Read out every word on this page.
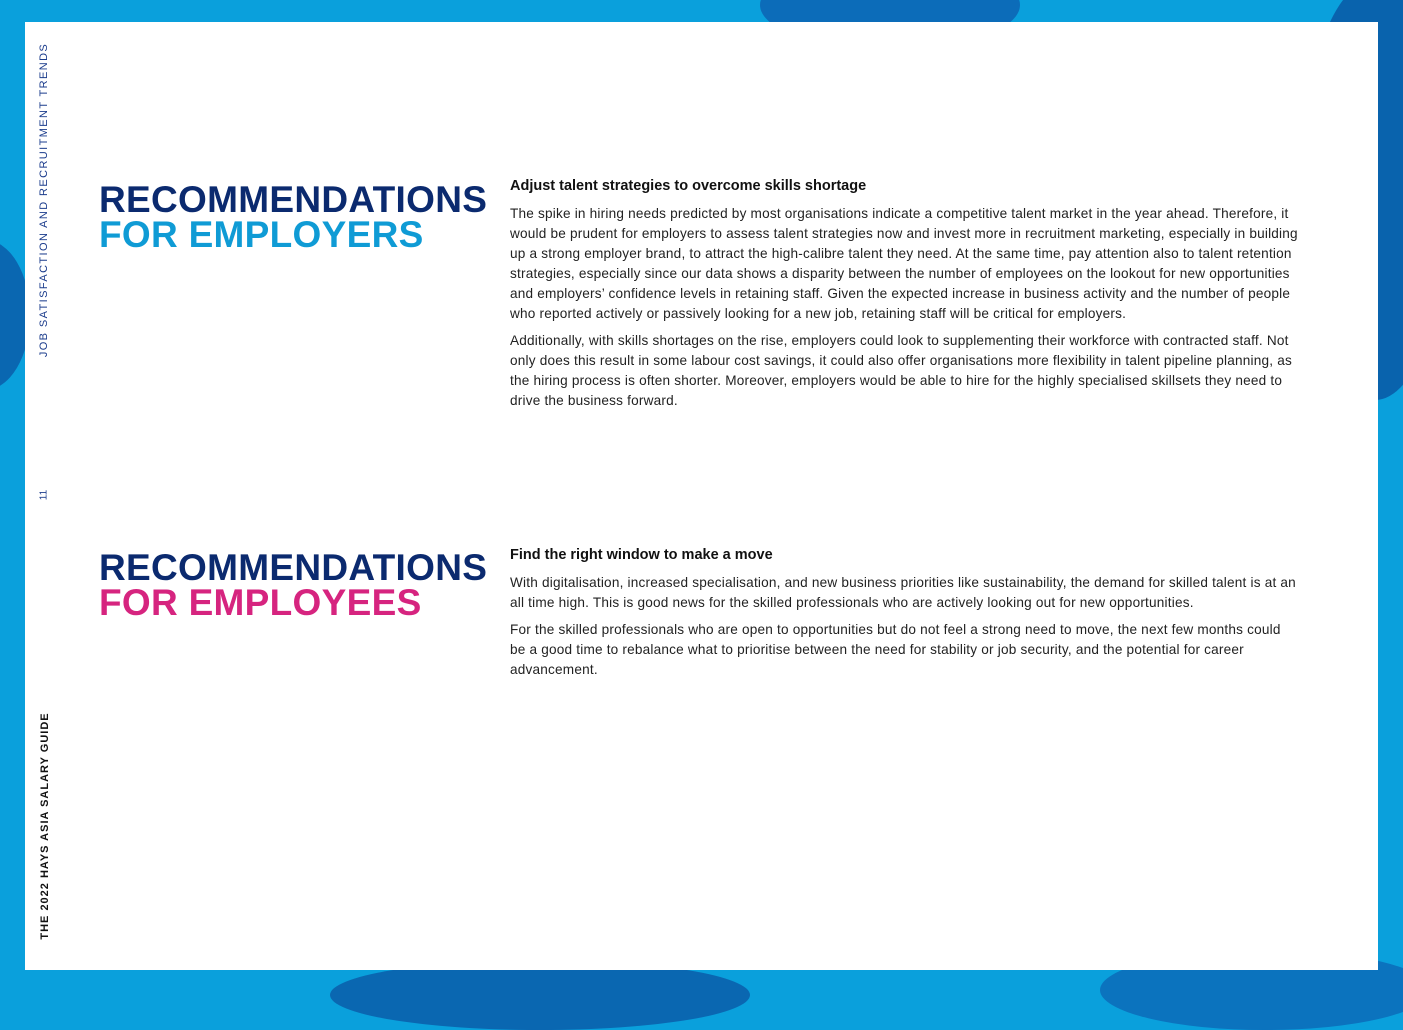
JOB SATISFACTION AND RECRUITMENT TRENDS
11
THE 2022 HAYS ASIA SALARY GUIDE
RECOMMENDATIONS
FOR EMPLOYERS

Adjust talent strategies to overcome skills shortage

The spike in hiring needs predicted by most organisations indicate a competitive talent market in the year ahead. Therefore, it would be prudent for employers to assess talent strategies now and invest more in recruitment marketing, especially in building up a strong employer brand, to attract the high-calibre talent they need. At the same time, pay attention also to talent retention strategies, especially since our data shows a disparity between the number of employees on the lookout for new opportunities and employers’ confidence levels in retaining staff. Given the expected increase in business activity and the number of people who reported actively or passively looking for a new job, retaining staff will be critical for employers.

Additionally, with skills shortages on the rise, employers could look to supplementing their workforce with contracted staff. Not only does this result in some labour cost savings, it could also offer organisations more flexibility in talent pipeline planning, as the hiring process is often shorter. Moreover, employers would be able to hire for the highly specialised skillsets they need to drive the business forward.

RECOMMENDATIONS
FOR EMPLOYEES

Find the right window to make a move

With digitalisation, increased specialisation, and new business priorities like sustainability, the demand for skilled talent is at an all time high. This is good news for the skilled professionals who are actively looking out for new opportunities.

For the skilled professionals who are open to opportunities but do not feel a strong need to move, the next few months could be a good time to rebalance what to prioritise between the need for stability or job security, and the potential for career advancement.
